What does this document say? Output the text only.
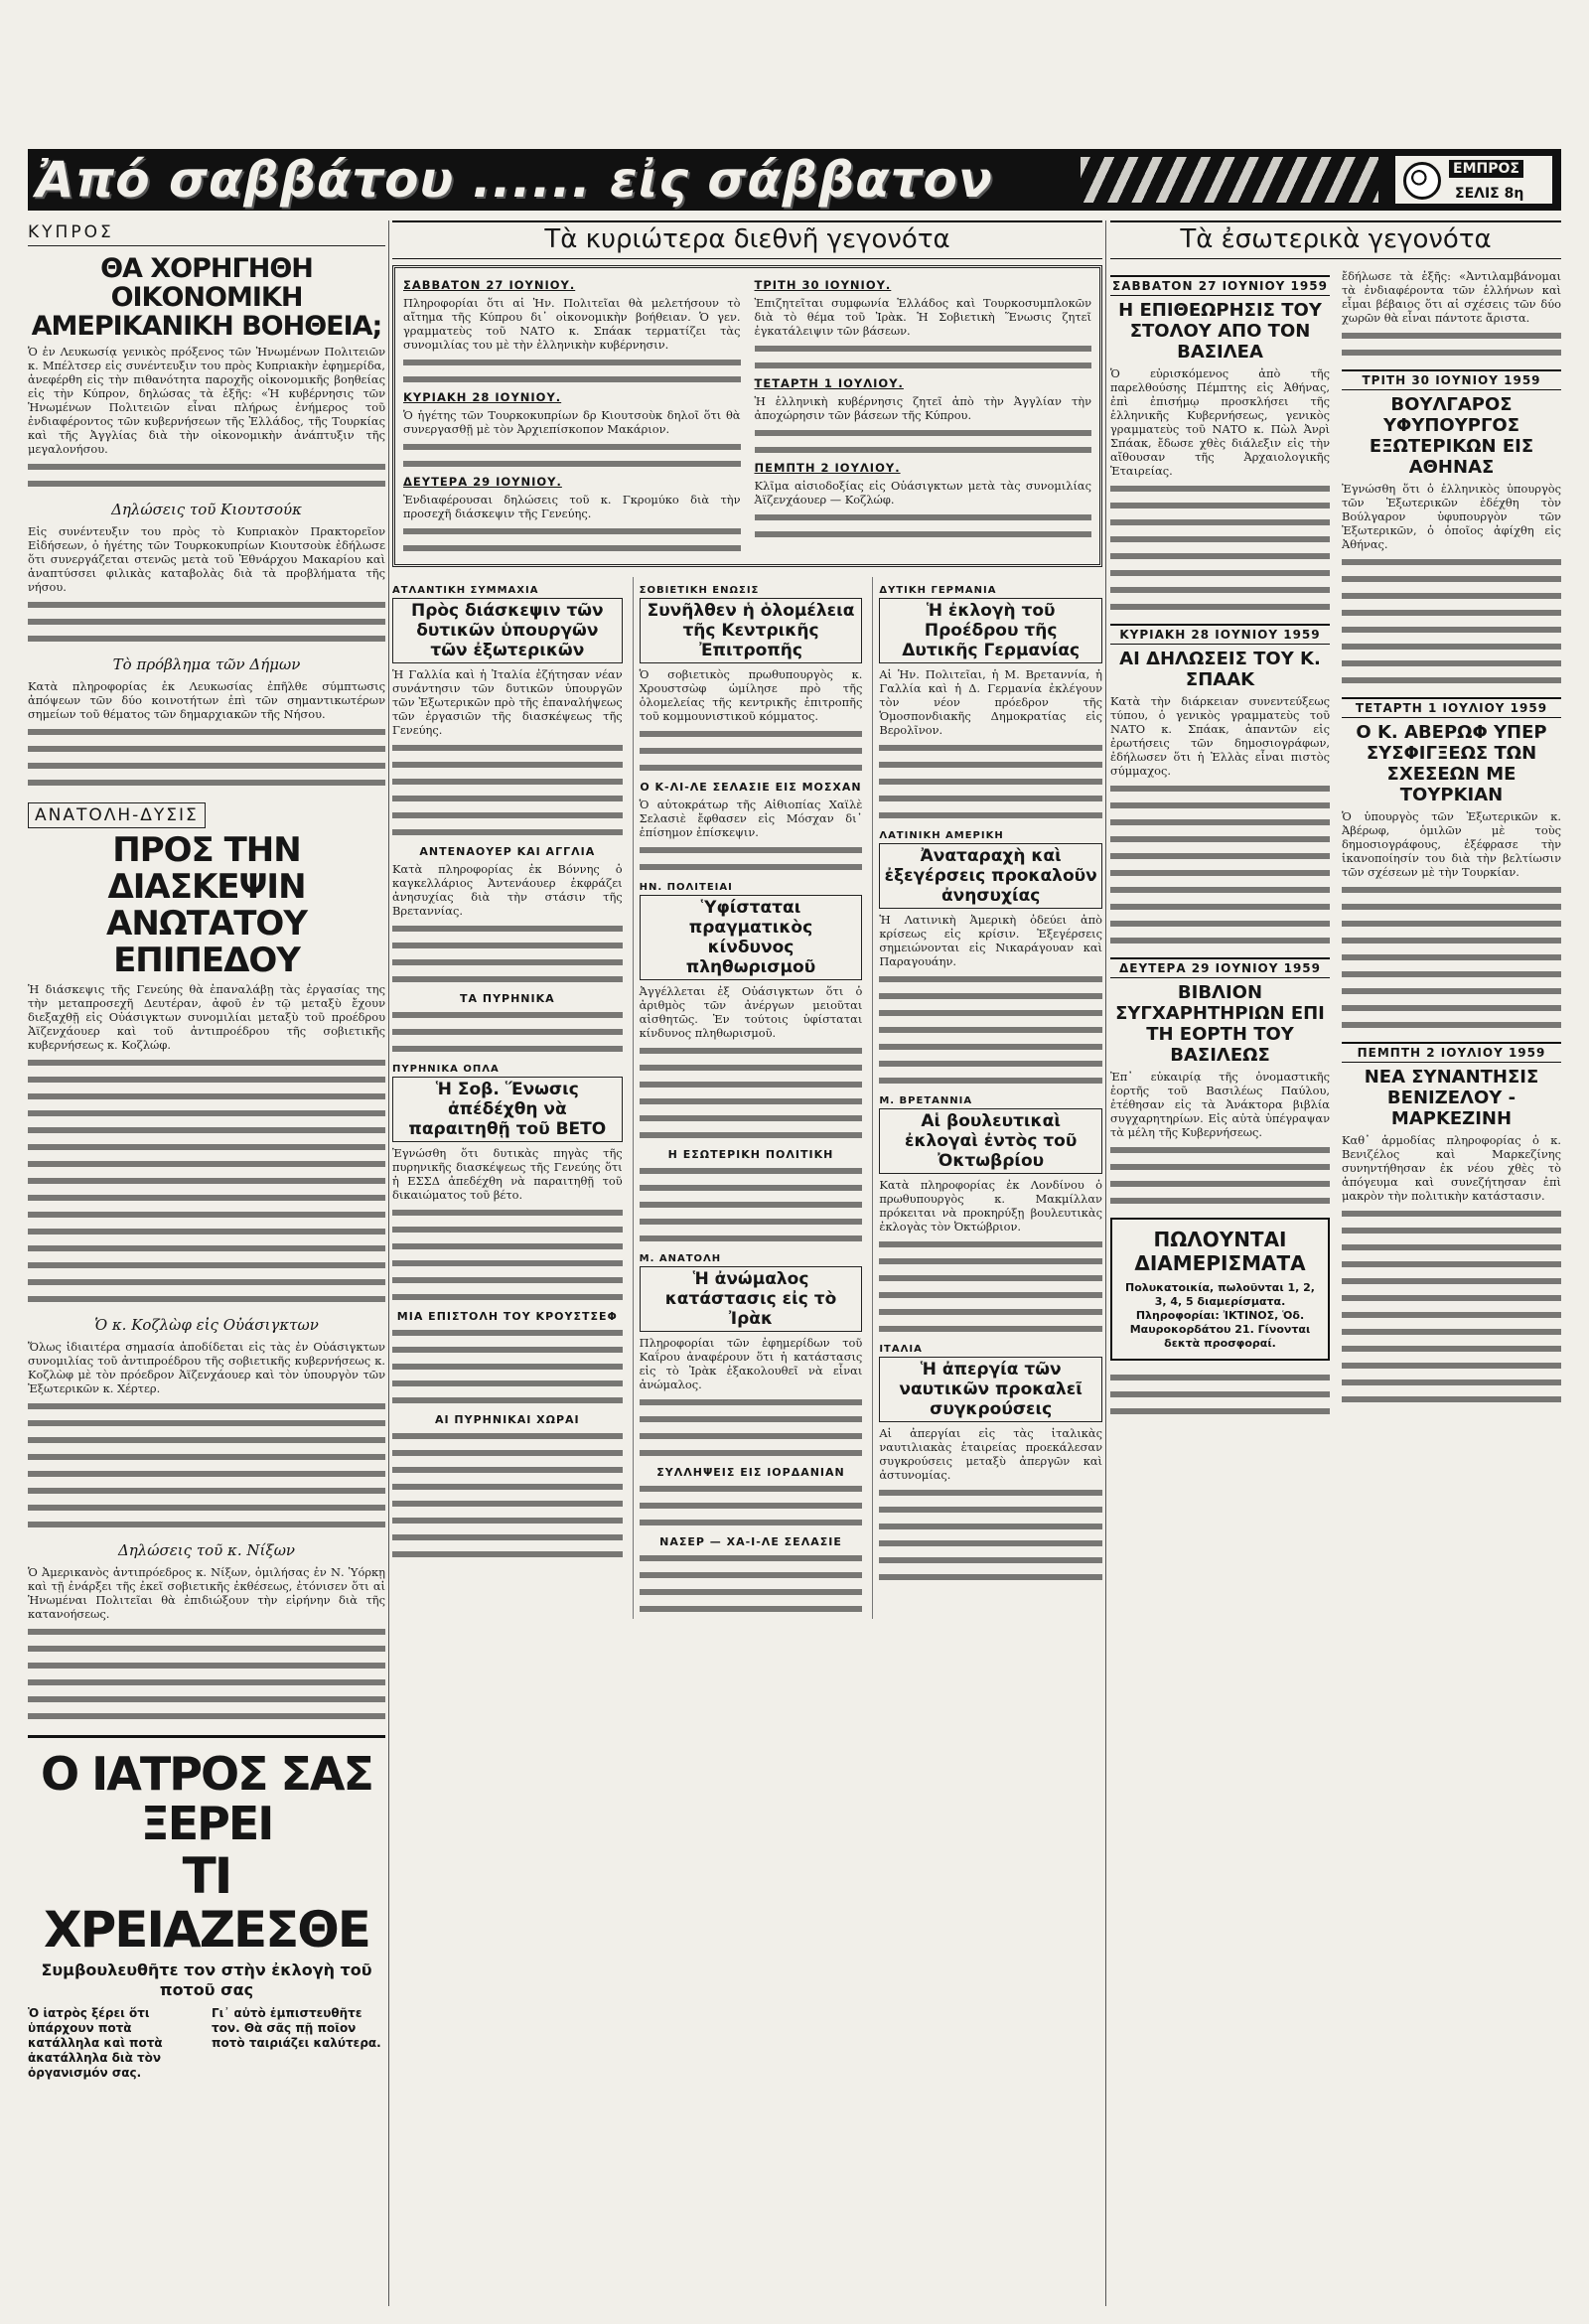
Ἀπό σαββάτου ...... εἰς σάββατον	ΕΜΠΡΟΣ
ΣΕΛΙΣ 8η
ΚΥΠΡΟΣ
ΘΑ ΧΟΡΗΓΗΘΗ ΟΙΚΟΝΟΜΙΚΗ ΑΜΕΡΙΚΑΝΙΚΗ ΒΟΗΘΕΙΑ;

Ὁ ἐν Λευκωσίᾳ γενικὸς πρόξενος τῶν Ἡνωμένων Πολιτειῶν κ. Μπέλτσερ εἰς συνέντευξιν του πρὸς Κυπριακὴν ἐφημερίδα, ἀνεφέρθη εἰς τὴν πιθανότητα παροχῆς οἰκονομικῆς βοηθείας εἰς τὴν Κύπρον, δηλώσας τὰ ἑξῆς: «Ἡ κυβέρνησις τῶν Ἡνωμένων Πολιτειῶν εἶναι πλήρως ἐνήμερος τοῦ ἐνδιαφέροντος τῶν κυβερνήσεων τῆς Ἑλλάδος, τῆς Τουρκίας καὶ τῆς Ἀγγλίας διὰ τὴν οἰκονομικὴν ἀνάπτυξιν τῆς μεγαλονήσου.

Δηλώσεις τοῦ Κιουτσούκ

Εἰς συνέντευξιν του πρὸς τὸ Κυπριακὸν Πρακτορεῖον Εἰδήσεων, ὁ ἡγέτης τῶν Τουρκοκυπρίων Κιουτσοὺκ ἐδήλωσε ὅτι συνεργάζεται στενῶς μετὰ τοῦ Ἐθνάρχου Μακαρίου καὶ ἀναπτύσσει φιλικὰς καταβολὰς διὰ τὰ προβλήματα τῆς νήσου.

Τὸ πρόβλημα τῶν Δήμων

Κατὰ πληροφορίας ἐκ Λευκωσίας ἐπῆλθε σύμπτωσις ἀπόψεων τῶν δύο κοινοτήτων ἐπὶ τῶν σημαντικωτέρων σημείων τοῦ θέματος τῶν δημαρχιακῶν τῆς Νήσου.

ΑΝΑΤΟΛΗ-ΔΥΣΙΣ
ΠΡΟΣ ΤΗΝ ΔΙΑΣΚΕΨΙΝ ΑΝΩΤΑΤΟΥ ΕΠΙΠΕΔΟΥ

Ἡ διάσκεψις τῆς Γενεύης θὰ ἐπαναλάβῃ τὰς ἐργασίας της τὴν μεταπροσεχῆ Δευτέραν, ἀφοῦ ἐν τῷ μεταξὺ ἔχουν διεξαχθῇ εἰς Οὐάσιγκτων συνομιλίαι μεταξὺ τοῦ προέδρου Ἀϊζενχάουερ καὶ τοῦ ἀντιπροέδρου τῆς σοβιετικῆς κυβερνήσεως κ. Κοζλώφ.

Ὁ κ. Κοζλὼφ εἰς Οὐάσιγκτων

Ὅλως ἰδιαιτέρα σημασία ἀποδίδεται εἰς τὰς ἐν Οὐάσιγκτων συνομιλίας τοῦ ἀντιπροέδρου τῆς σοβιετικῆς κυβερνήσεως κ. Κοζλὼφ μὲ τὸν πρόεδρον Ἀϊζενχάουερ καὶ τὸν ὑπουργὸν τῶν Ἐξωτερικῶν κ. Χέρτερ.

Δηλώσεις τοῦ κ. Νίξων

Ὁ Ἀμερικανὸς ἀντιπρόεδρος κ. Νίξων, ὁμιλήσας ἐν Ν. Ὑόρκῃ καὶ τῇ ἐνάρξει τῆς ἐκεῖ σοβιετικῆς ἐκθέσεως, ἐτόνισεν ὅτι αἱ Ἡνωμέναι Πολιτεῖαι θὰ ἐπιδιώξουν τὴν εἰρήνην διὰ τῆς κατανοήσεως.

Ο ΙΑΤΡΟΣ ΣΑΣ ΞΕΡΕΙ
ΤΙ ΧΡΕΙΑΖΕΣΘΕ
Συμβουλευθῆτε τον στὴν ἐκλογὴ τοῦ ποτοῦ σας
Ὁ ἰατρὸς ξέρει ὅτι ὑπάρχουν ποτὰ κατάλληλα καὶ ποτὰ ἀκατάλληλα διὰ τὸν ὀργανισμόν σας.
Γι᾿ αὐτὸ ἐμπιστευθῆτε τον. Θὰ σᾶς πῇ ποῖον ποτὸ ταιριάζει καλύτερα.
Τὰ κυριώτερα διεθνῆ γεγονότα
ΣΑΒΒΑΤΟΝ 27 ΙΟΥΝΙΟΥ.

Πληροφορίαι ὅτι αἱ Ἡν. Πολιτεῖαι θὰ μελετήσουν τὸ αἴτημα τῆς Κύπρου δι᾿ οἰκονομικὴν βοήθειαν. Ὁ γεν. γραμματεὺς τοῦ ΝΑΤΟ κ. Σπάακ τερματίζει τὰς συνομιλίας του μὲ τὴν ἑλληνικὴν κυβέρνησιν.

ΚΥΡΙΑΚΗ 28 ΙΟΥΝΙΟΥ.

Ὁ ἡγέτης τῶν Τουρκοκυπρίων δρ Κιουτσοὺκ δηλοῖ ὅτι θὰ συνεργασθῇ μὲ τὸν Ἀρχιεπίσκοπον Μακάριον.

ΔΕΥΤΕΡΑ 29 ΙΟΥΝΙΟΥ.

Ἐνδιαφέρουσαι δηλώσεις τοῦ κ. Γκρομύκο διὰ τὴν προσεχῆ διάσκεψιν τῆς Γενεύης.

ΤΡΙΤΗ 30 ΙΟΥΝΙΟΥ.

Ἐπιζητεῖται συμφωνία Ἑλλάδος καὶ Τουρκοσυμπλοκῶν διὰ τὸ θέμα τοῦ Ἰρὰκ. Ἡ Σοβιετικὴ Ἕνωσις ζητεῖ ἐγκατάλειψιν τῶν βάσεων.

ΤΕΤΑΡΤΗ 1 ΙΟΥΛΙΟΥ.

Ἡ ἑλληνικὴ κυβέρνησις ζητεῖ ἀπὸ τὴν Ἀγγλίαν τὴν ἀποχώρησιν τῶν βάσεων τῆς Κύπρου.

ΠΕΜΠΤΗ 2 ΙΟΥΛΙΟΥ.

Κλῖμα αἰσιοδοξίας εἰς Οὐάσιγκτων μετὰ τὰς συνομιλίας Ἀϊζενχάουερ — Κοζλώφ.

ΑΤΛΑΝΤΙΚΗ ΣΥΜΜΑΧΙΑ
Πρὸς διάσκεψιν τῶν δυτικῶν ὑπουργῶν τῶν ἐξωτερικῶν

Ἡ Γαλλία καὶ ἡ Ἰταλία ἐζήτησαν νέαν συνάντησιν τῶν δυτικῶν ὑπουργῶν τῶν Ἐξωτερικῶν πρὸ τῆς ἐπαναλήψεως τῶν ἐργασιῶν τῆς διασκέψεως τῆς Γενεύης.

ΑΝΤΕΝΑΟΥΕΡ ΚΑΙ ΑΓΓΛΙΑ

Κατὰ πληροφορίας ἐκ Βόννης ὁ καγκελλάριος Ἀντενάουερ ἐκφράζει ἀνησυχίας διὰ τὴν στάσιν τῆς Βρεταννίας.

ΤΑ ΠΥΡΗΝΙΚΑ
ΠΥΡΗΝΙΚΑ ΟΠΛΑ
Ἡ Σοβ. Ἕνωσις ἀπέδέχθη νὰ παραιτηθῇ τοῦ ΒΕΤΟ

Ἐγνώσθη ὅτι δυτικὰς πηγὰς τῆς πυρηνικῆς διασκέψεως τῆς Γενεύης ὅτι ἡ ΕΣΣΔ ἀπεδέχθη νὰ παραιτηθῇ τοῦ δικαιώματος τοῦ βέτο.

ΜΙΑ ΕΠΙΣΤΟΛΗ ΤΟΥ ΚΡΟΥΣΤΣΕΦ
ΑΙ ΠΥΡΗΝΙΚΑΙ ΧΩΡΑΙ
ΣΟΒΙΕΤΙΚΗ ΕΝΩΣΙΣ
Συνῆλθεν ἡ ὁλομέλεια τῆς Κεντρικῆς Ἐπιτροπῆς

Ὁ σοβιετικὸς πρωθυπουργὸς κ. Χρουστσὼφ ὡμίλησε πρὸ τῆς ὁλομελείας τῆς κεντρικῆς ἐπιτροπῆς τοῦ κομμουνιστικοῦ κόμματος.

Ο Κ-ΛΙ-ΛΕ ΣΕΛΑΣΙΕ ΕΙΣ ΜΟΣΧΑΝ

Ὁ αὐτοκράτωρ τῆς Αἰθιοπίας Χαϊλὲ Σελασιὲ ἔφθασεν εἰς Μόσχαν δι᾿ ἐπίσημον ἐπίσκεψιν.

ΗΝ. ΠΟΛΙΤΕΙΑΙ
Ὑφίσταται πραγματικὸς κίνδυνος πληθωρισμοῦ

Ἀγγέλλεται ἐξ Οὐάσιγκτων ὅτι ὁ ἀριθμὸς τῶν ἀνέργων μειοῦται αἰσθητῶς. Ἐν τούτοις ὑφίσταται κίνδυνος πληθωρισμοῦ.

Η ΕΣΩΤΕΡΙΚΗ ΠΟΛΙΤΙΚΗ
Μ. ΑΝΑΤΟΛΗ
Ἡ ἀνώμαλος κατάστασις εἰς τὸ Ἰρὰκ

Πληροφορίαι τῶν ἐφημερίδων τοῦ Καΐρου ἀναφέρουν ὅτι ἡ κατάστασις εἰς τὸ Ἰρὰκ ἐξακολουθεῖ νὰ εἶναι ἀνώμαλος.

ΣΥΛΛΗΨΕΙΣ ΕΙΣ ΙΟΡΔΑΝΙΑΝ
ΝΑΣΕΡ — ΧΑ-Ι-ΛΕ ΣΕΛΑΣΙΕ
ΔΥΤΙΚΗ ΓΕΡΜΑΝΙΑ
Ἡ ἐκλογὴ τοῦ Προέδρου τῆς Δυτικῆς Γερμανίας

Αἱ Ἡν. Πολιτεῖαι, ἡ Μ. Βρεταννία, ἡ Γαλλία καὶ ἡ Δ. Γερμανία ἐκλέγουν τὸν νέον πρόεδρον τῆς Ὁμοσπονδιακῆς Δημοκρατίας εἰς Βερολῖνον.

ΛΑΤΙΝΙΚΗ ΑΜΕΡΙΚΗ
Ἀναταραχὴ καὶ ἐξεγέρσεις προκαλοῦν ἀνησυχίας

Ἡ Λατινικὴ Ἀμερικὴ ὁδεύει ἀπὸ κρίσεως εἰς κρίσιν. Ἐξεγέρσεις σημειώνονται εἰς Νικαράγουαν καὶ Παραγουάην.

Μ. ΒΡΕΤΑΝΝΙΑ
Αἱ βουλευτικαὶ ἐκλογαὶ ἐντὸς τοῦ Ὀκτωβρίου

Κατὰ πληροφορίας ἐκ Λονδίνου ὁ πρωθυπουργὸς κ. Μακμίλλαν πρόκειται νὰ προκηρύξῃ βουλευτικὰς ἐκλογὰς τὸν Ὀκτώβριον.

ΙΤΑΛΙΑ
Ἡ ἀπεργία τῶν ναυτικῶν προκαλεῖ συγκρούσεις

Αἱ ἀπεργίαι εἰς τὰς ἰταλικὰς ναυτιλιακὰς ἑταιρείας προεκάλεσαν συγκρούσεις μεταξὺ ἀπεργῶν καὶ ἀστυνομίας.

Τὰ ἐσωτερικὰ γεγονότα
ΣΑΒΒΑΤΟΝ 27 ΙΟΥΝΙΟΥ 1959
Η ΕΠΙΘΕΩΡΗΣΙΣ ΤΟΥ ΣΤΟΛΟΥ ΑΠΟ ΤΟΝ ΒΑΣΙΛΕΑ

Ὁ εὐρισκόμενος ἀπὸ τῆς παρελθούσης Πέμπτης εἰς Ἀθήνας, ἐπὶ ἐπισήμῳ προσκλήσει τῆς ἑλληνικῆς Κυβερνήσεως, γενικὸς γραμματεὺς τοῦ ΝΑΤΟ κ. Πὼλ Ἀνρὶ Σπάακ, ἔδωσε χθὲς διάλεξιν εἰς τὴν αἴθουσαν τῆς Ἀρχαιολογικῆς Ἑταιρείας.

ΚΥΡΙΑΚΗ 28 ΙΟΥΝΙΟΥ 1959
ΑΙ ΔΗΛΩΣΕΙΣ ΤΟΥ Κ. ΣΠΑΑΚ

Κατὰ τὴν διάρκειαν συνεντεύξεως τύπου, ὁ γενικὸς γραμματεὺς τοῦ ΝΑΤΟ κ. Σπάακ, ἀπαντῶν εἰς ἐρωτήσεις τῶν δημοσιογράφων, ἐδήλωσεν ὅτι ἡ Ἑλλὰς εἶναι πιστὸς σύμμαχος.

ΔΕΥΤΕΡΑ 29 ΙΟΥΝΙΟΥ 1959
ΒΙΒΛΙΟΝ ΣΥΓΧΑΡΗΤΗΡΙΩΝ ΕΠΙ ΤΗ ΕΟΡΤΗ ΤΟΥ ΒΑΣΙΛΕΩΣ

Ἐπ᾿ εὐκαιρίᾳ τῆς ὀνομαστικῆς ἑορτῆς τοῦ Βασιλέως Παύλου, ἐτέθησαν εἰς τὰ Ἀνάκτορα βιβλία συγχαρητηρίων. Εἰς αὐτὰ ὑπέγραψαν τὰ μέλη τῆς Κυβερνήσεως.

ΠΩΛΟΥΝΤΑΙ ΔΙΑΜΕΡΙΣΜΑΤΑ
Πολυκατοικία, πωλοῦνται 1, 2, 3, 4, 5 διαμερίσματα. Πληροφορίαι: ἸΚΤΙΝΟΣ, Ὁδ. Μαυροκορδάτου 21. Γίνονται δεκτὰ προσφοραί.

ἔδήλωσε τὰ ἑξῆς: «Ἀντιλαμβάνομαι τὰ ἐνδιαφέροντα τῶν ἑλλήνων καὶ εἶμαι βέβαιος ὅτι αἱ σχέσεις τῶν δύο χωρῶν θὰ εἶναι πάντοτε ἄριστα.

ΤΡΙΤΗ 30 ΙΟΥΝΙΟΥ 1959
ΒΟΥΛΓΑΡΟΣ ΥΦΥΠΟΥΡΓΟΣ ΕΞΩΤΕΡΙΚΩΝ ΕΙΣ ΑΘΗΝΑΣ

Ἐγνώσθη ὅτι ὁ ἑλληνικὸς ὑπουργὸς τῶν Ἐξωτερικῶν ἐδέχθη τὸν Βούλγαρον ὑφυπουργὸν τῶν Ἐξωτερικῶν, ὁ ὁποῖος ἀφίχθη εἰς Ἀθήνας.

ΤΕΤΑΡΤΗ 1 ΙΟΥΛΙΟΥ 1959
Ο Κ. ΑΒΕΡΩΦ ΥΠΕΡ ΣΥΣΦΙΓΞΕΩΣ ΤΩΝ ΣΧΕΣΕΩΝ ΜΕ ΤΟΥΡΚΙΑΝ

Ὁ ὑπουργὸς τῶν Ἐξωτερικῶν κ. Ἀβέρωφ, ὁμιλῶν μὲ τοὺς δημοσιογράφους, ἐξέφρασε τὴν ἱκανοποίησίν του διὰ τὴν βελτίωσιν τῶν σχέσεων μὲ τὴν Τουρκίαν.

ΠΕΜΠΤΗ 2 ΙΟΥΛΙΟΥ 1959
ΝΕΑ ΣΥΝΑΝΤΗΣΙΣ ΒΕΝΙΖΕΛΟΥ - ΜΑΡΚΕΖΙΝΗ

Καθ᾿ ἁρμοδίας πληροφορίας ὁ κ. Βενιζέλος καὶ Μαρκεζίνης συνηντήθησαν ἐκ νέου χθὲς τὸ ἀπόγευμα καὶ συνεζήτησαν ἐπὶ μακρὸν τὴν πολιτικὴν κατάστασιν.
